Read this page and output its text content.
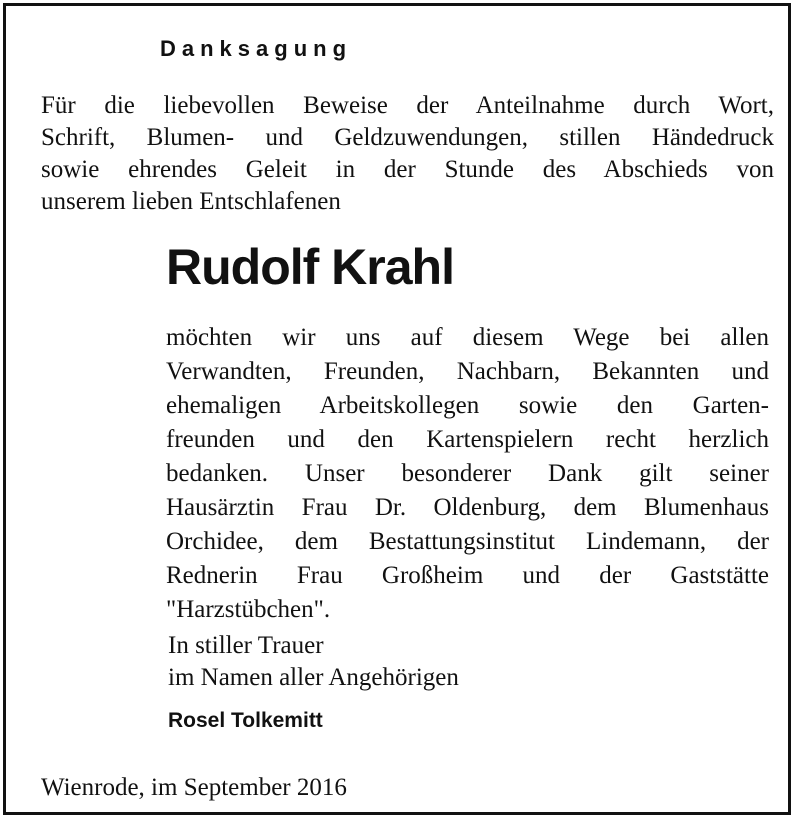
Danksagung
Für die liebevollen Beweise der Anteilnahme durch Wort,
Schrift, Blumen- und Geldzuwendungen, stillen Händedruck
sowie ehrendes Geleit in der Stunde des Abschieds von
unserem lieben Entschlafenen
Rudolf Krahl
möchten wir uns auf diesem Wege bei allen
Verwandten, Freunden, Nachbarn, Bekannten und
ehemaligen Arbeitskollegen sowie den Garten-
freunden und den Kartenspielern recht herzlich
bedanken. Unser besonderer Dank gilt seiner
Hausärztin Frau Dr. Oldenburg, dem Blumenhaus
Orchidee, dem Bestattungsinstitut Lindemann, der
Rednerin Frau Großheim und der Gaststätte
"Harzstübchen".
In stiller Trauer
im Namen aller Angehörigen
Rosel Tolkemitt
Wienrode, im September 2016
